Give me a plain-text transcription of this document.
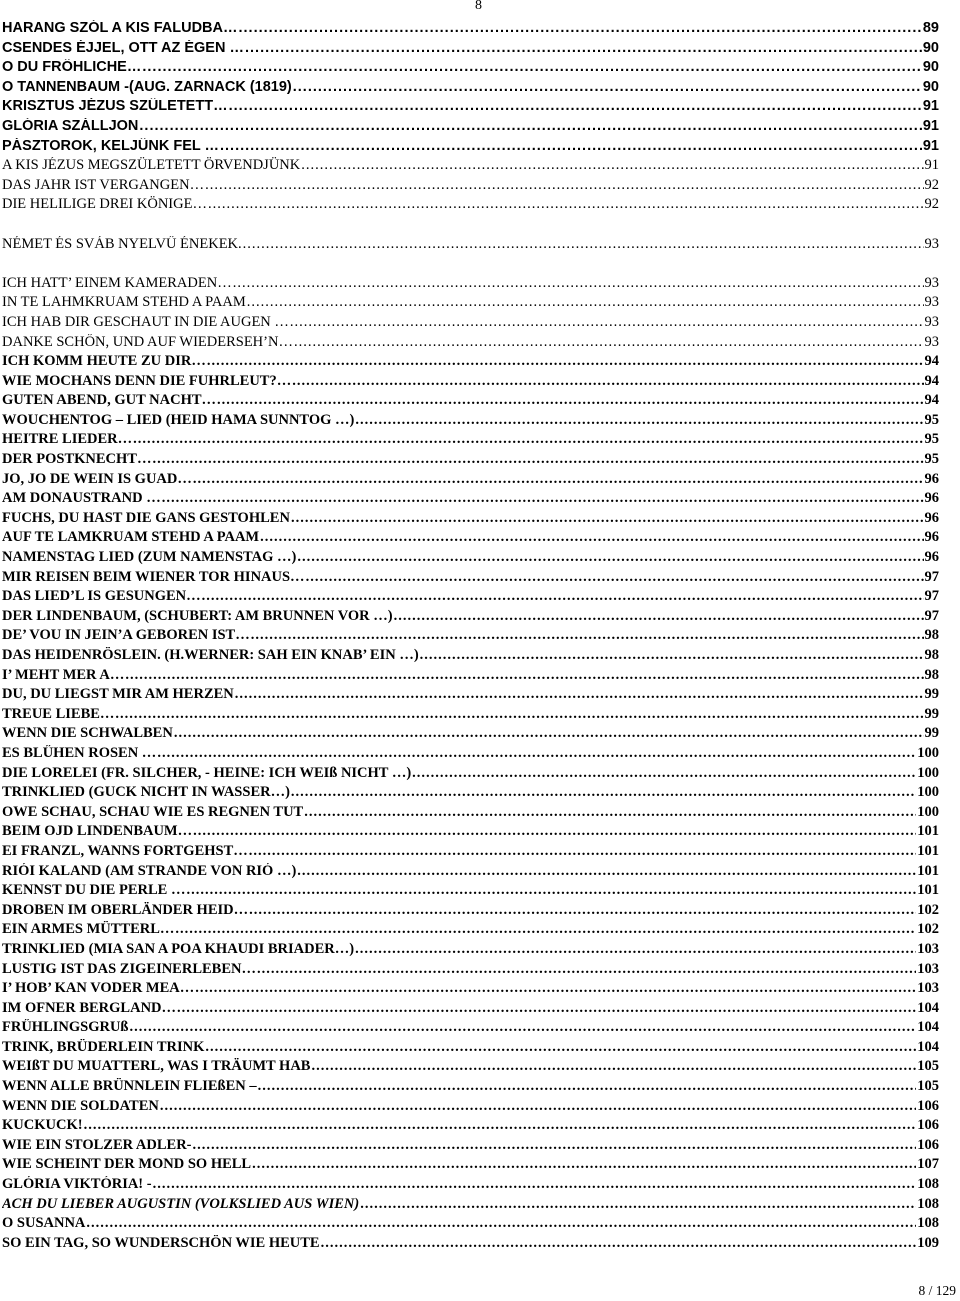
8
HARANG SZÓL A KIS FALUDBA… .....	89
CSENDES ÉJJEL, OTT AZ ÉGEN … .....	90
O DU FRÖHLICHE… .....	90
O TANNENBAUM -(AUG. ZARNACK (1819) .....	90
KRISZTUS JÉZUS SZÜLETETT… .....	91
GLÓRIA SZÁLLJON .....	91
PÁSZTOROK, KELJÜNK FEL … .....	91
A KIS JÉZUS MEGSZÜLETETT ÖRVENDJÜNK .....	91
DAS JAHR IST VERGANGEN… .....	92
DIE HELILIGE DREI KÖNIGE… .....	92
NÉMET ÉS SVÁB NYELVŰ ÉNEKEK. .....	93
ICH HATT’ EINEM KAMERADEN… .....	93
IN TE LAHMKRUAM STEHD A PAAM .....	93
ICH HAB DIR GESCHAUT IN DIE AUGEN … .....	93
DANKE SCHŐN, UND AUF WIEDERSEH’N… .....	93
ICH KOMM HEUTE ZU DIR… .....	94
WIE MOCHANS DENN DIE FUHRLEUT?… .....	94
GUTEN ABEND, GUT NACHT… .....	94
WOUCHENTOG – LIED (HEID HAMA SUNNTOG …) .....	95
HEITRE LIEDER… .....	95
DER POSTKNECHT… .....	95
JO, JO DE WEIN IS GUAD… .....	96
AM DONAUSTRAND … .....	96
FUCHS, DU HAST DIE GANS GESTOHLEN .....	96
AUF TE LAMKRUAM STEHD A PAAM .....	96
NAMENSTAG LIED (ZUM NAMENSTAG …) .....	96
MIR REISEN BEIM WIENER TOR HINAUS… .....	97
DAS LIED’L IS GESUNGEN… .....	97
DER LINDENBAUM, (SCHUBERT: AM BRUNNEN VOR …) .....	97
DE’ VOU IN JEIN’A GEBOREN IST… .....	98
DAS HEIDENRÖSLEIN. (H.WERNER: SAH EIN KNAB’ EIN …) .....	98
I’ MEHT MER A… .....	98
DU, DU LIEGST MIR AM HERZEN .....	99
TREUE LIEBE… .....	99
WENN DIE SCHWALBEN .....	99
ES BLŰHEN ROSEN … .....	100
DIE LORELEI (FR. SILCHER, - HEINE: ICH WEIß NICHT …) .....	100
TRINKLIED (GUCK NICHT IN WASSER…) .....	100
OWE SCHAU, SCHAU WIE ES REGNEN TUT .....	100
BEIM OJD LINDENBAUM… .....	101
EI FRANZL, WANNS FORTGEHST… .....	101
RIÓI KALAND (AM STRANDE VON RIÓ …) .....	101
KENNST DU DIE PERLE … .....	101
DROBEN IM OBERLÄNDER HEID… .....	102
EIN ARMES MÜTTERL… .....	102
TRINKLIED (MIA SAN A POA KHAUDI BRIADER…) .....	103
LUSTIG IST DAS ZIGEINERLEBEN… .....	103
I’ HOB’ KAN VODER MEA… .....	103
IM OFNER BERGLAND… .....	104
FRŰHLINGSGRUß .....	104
TRINK, BRÜDERLEIN TRINK .....	104
WEIßT DU MUATTERL, WAS I TRÄUMT HAB .....	105
WENN ALLE BRÜNNLEIN FLIEßEN – .....	105
WENN DIE SOLDATEN .....	106
KUCKUCK! .....	106
WIE EIN STOLZER ADLER- .....	106
WIE SCHEINT DER MOND SO HELL .....	107
GLÓRIA VIKTÓRIA! - .....	108
ACH DU LIEBER AUGUSTIN (VOLKSLIED AUS WIEN) .....	108
O SUSANNA .....	108
SO EIN TAG, SO WUNDERSCHÖN WIE HEUTE .....	109
8 / 129
